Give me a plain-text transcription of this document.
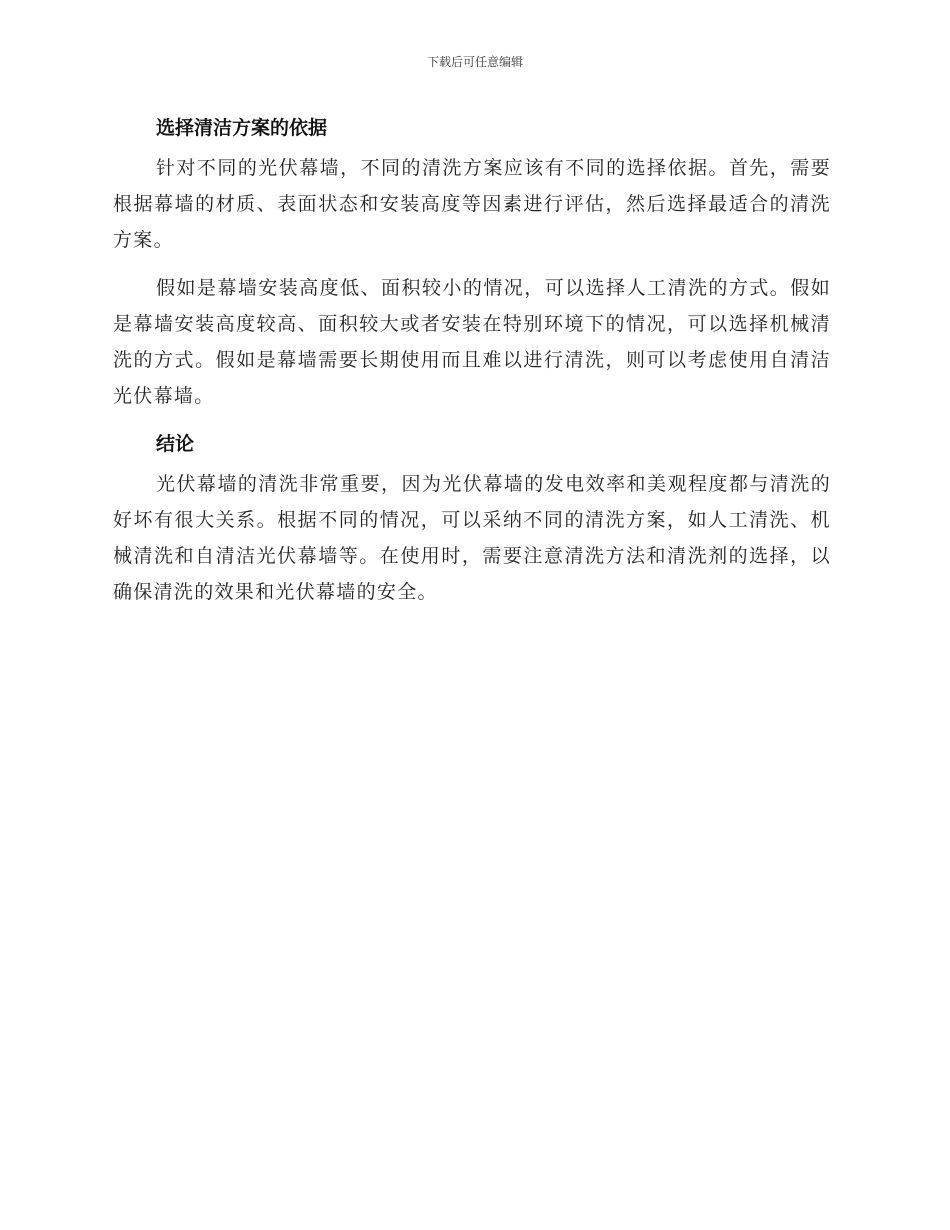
下载后可任意编辑
选择清洁方案的依据

针对不同的光伏幕墙，不同的清洗方案应该有不同的选择依据。首先，需要根据幕墙的材质、表面状态和安装高度等因素进行评估，然后选择最适合的清洗方案。

假如是幕墙安装高度低、面积较小的情况，可以选择人工清洗的方式。假如是幕墙安装高度较高、面积较大或者安装在特别环境下的情况，可以选择机械清洗的方式。假如是幕墙需要长期使用而且难以进行清洗，则可以考虑使用自清洁光伏幕墙。

结论

光伏幕墙的清洗非常重要，因为光伏幕墙的发电效率和美观程度都与清洗的好坏有很大关系。根据不同的情况，可以采纳不同的清洗方案，如人工清洗、机械清洗和自清洁光伏幕墙等。在使用时，需要注意清洗方法和清洗剂的选择，以确保清洗的效果和光伏幕墙的安全。
